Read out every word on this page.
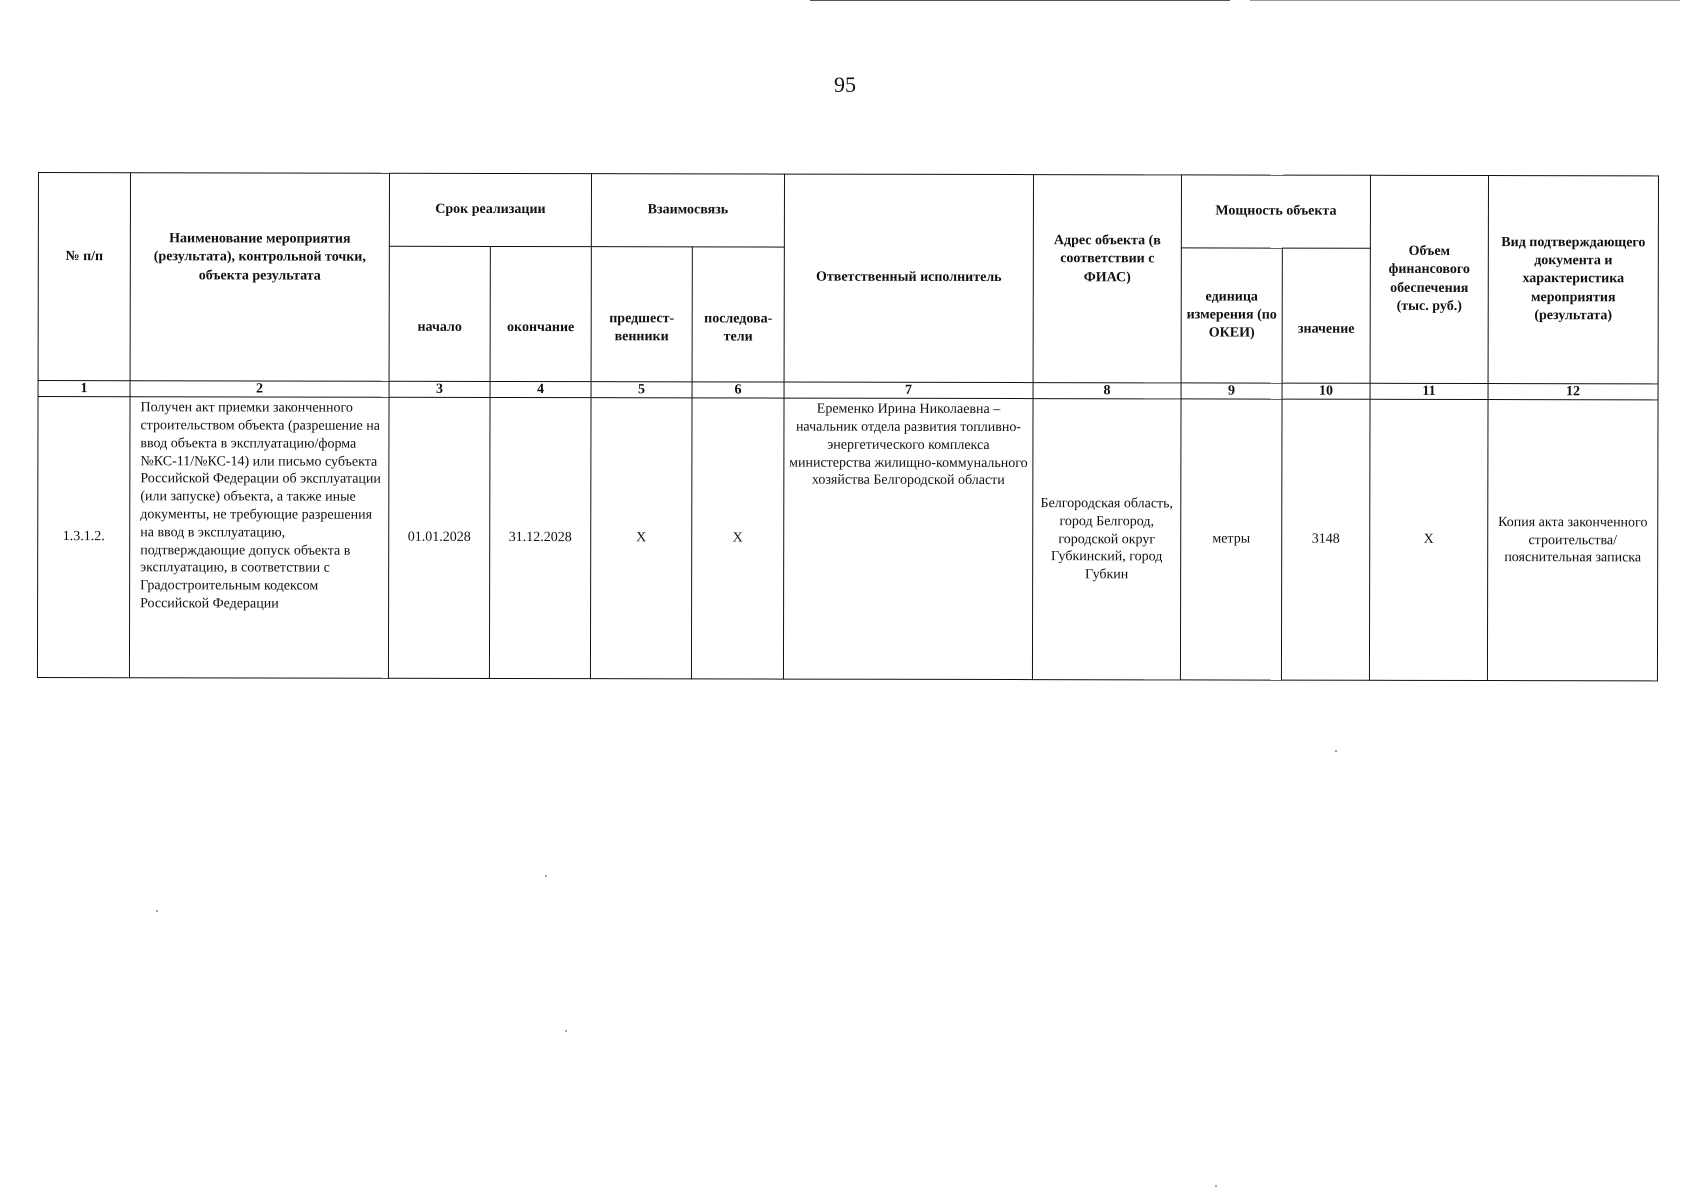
95
№ п/п	Наименование мероприятия (результата), контрольной точки, объекта результата	Срок реализации		Взаимосвязь		Ответственный исполнитель	Адрес объекта (в соответствии с ФИАС)	Мощность объекта		Объем финансового обеспечения (тыс. руб.)	Вид подтверждающего документа и характеристика мероприятия (результата)
		начало	окончание	предшест-венники	последова-тели			единица измерения (по ОКЕИ)	значение		
1	2	3	4	5	6	7	8	9	10	11	12
1.3.1.2.	Получен акт приемки законченного строительством объекта (разрешение на ввод объекта в эксплуатацию/форма №КС-11/№КС-14) или письмо субъекта Российской Федерации об эксплуатации (или запуске) объекта, а также иные документы, не требующие разрешения на ввод в эксплуатацию, подтверждающие допуск объекта в эксплуатацию, в соответствии с Градостроительным кодексом Российской Федерации	01.01.2028	31.12.2028	X	X	Еременко Ирина Николаевна – начальник отдела развития топливно-энергетического комплекса министерства жилищно-коммунального хозяйства Белгородской области	Белгородская область, город Белгород, городской округ Губкинский, город Губкин	метры	3148	X	Копия акта законченного строительства/ пояснительная записка
